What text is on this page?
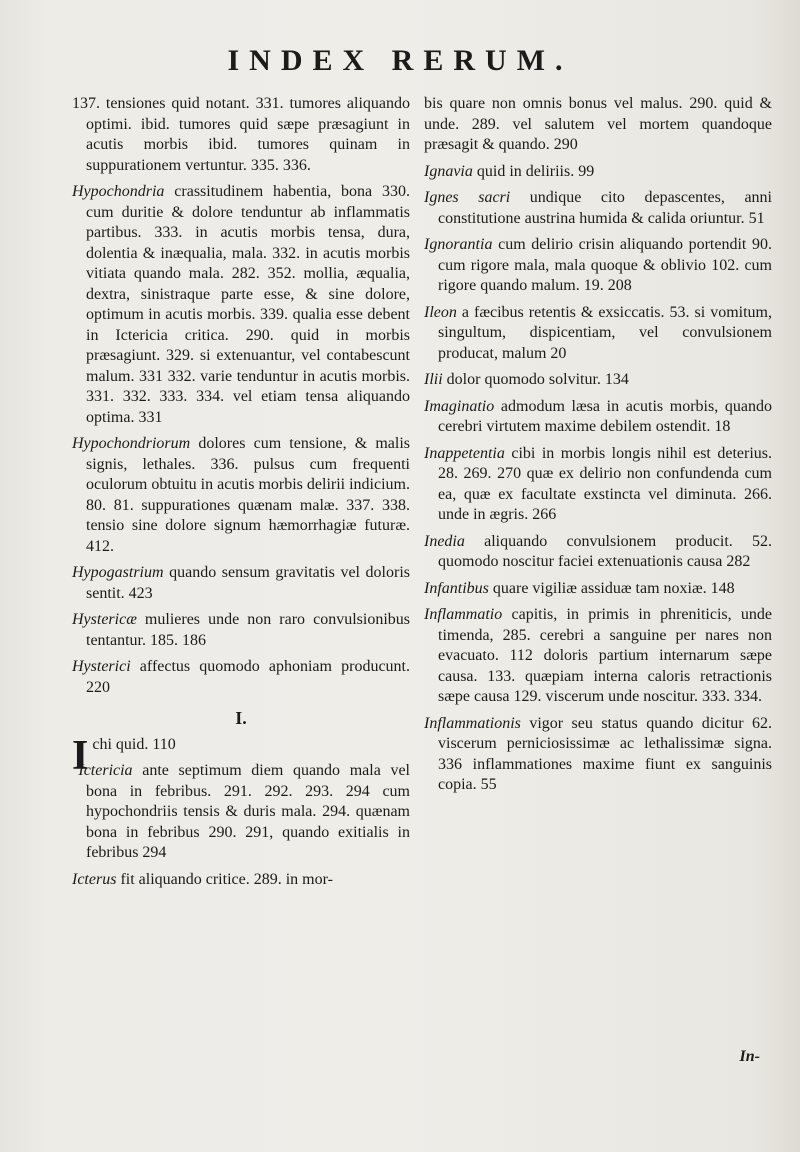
INDEX RERUM.
137. tensiones quid notant. 331. tumores aliquando optimi. ibid. tumores quid sæpe præsagiunt in acutis morbis ibid. tumores quinam in suppurationem vertuntur. 335. 336.
Hypochondria crassitudinem habentia, bona 330. cum duritie & dolore tenduntur ab inflammatis partibus. 333. in acutis morbis tensa, dura, dolentia & inæqualia, mala. 332. in acutis morbis vitiata quando mala. 282. 352. mollia, æqualia, dextra, sinistraque parte esse, & sine dolore, optimum in acutis morbis. 339. qualia esse debent in Ictericia critica. 290. quid in morbis præsagiunt. 329. si extenuantur, vel contabescunt malum. 331 332. varie tenduntur in acutis morbis. 331. 332. 333. 334. vel etiam tensa aliquando optima. 331
Hypochondriorum dolores cum tensione, & malis signis, lethales. 336. pulsus cum frequenti oculorum obtuitu in acutis morbis delirii indicium. 80. 81. suppurationes quænam malæ. 337. 338. tensio sine dolore signum hæmorrhagiæ futuræ. 412.
Hypogastrium quando sensum gravitatis vel doloris sentit. 423
Hystericæ mulieres unde non raro convulsionibus tentantur. 185. 186
Hysterici affectus quomodo aphoniam producunt. 220
I.
Ichi quid. 110
Ictericia ante septimum diem quando mala vel bona in febribus. 291. 292. 293. 294 cum hypochondriis tensis & duris mala. 294. quænam bona in febribus 290. 291, quando exitialis in febribus 294
Icterus fit aliquando critice. 289. in mor-
bis quare non omnis bonus vel malus. 290. quid & unde. 289. vel salutem vel mortem quandoque præsagit & quando. 290
Ignavia quid in deliriis. 99
Ignes sacri undique cito depascentes, anni constitutione austrina humida & calida oriuntur. 51
Ignorantia cum delirio crisin aliquando portendit 90. cum rigore mala, mala quoque & oblivio 102. cum rigore quando malum. 19. 208
Ileon a fæcibus retentis & exsiccatis. 53. si vomitum, singultum, dispicentiam, vel convulsionem producat, malum 20
Ilii dolor quomodo solvitur. 134
Imaginatio admodum læsa in acutis morbis, quando cerebri virtutem maxime debilem ostendit. 18
Inappetentia cibi in morbis longis nihil est deterius. 28. 269. 270 quæ ex delirio non confundenda cum ea, quæ ex facultate exstincta vel diminuta. 266. unde in ægris. 266
Inedia aliquando convulsionem producit. 52. quomodo noscitur faciei extenuationis causa 282
Infantibus quare vigiliæ assiduæ tam noxiæ. 148
Inflammatio capitis, in primis in phreniticis, unde timenda, 285. cerebri a sanguine per nares non evacuato. 112 doloris partium internarum sæpe causa. 133. quæpiam interna caloris retractionis sæpe causa 129. viscerum unde noscitur. 333. 334.
Inflammationis vigor seu status quando dicitur 62. viscerum perniciosissimæ ac lethalissimæ signa. 336 inflammationes maxime fiunt ex sanguinis copia. 55
In-
